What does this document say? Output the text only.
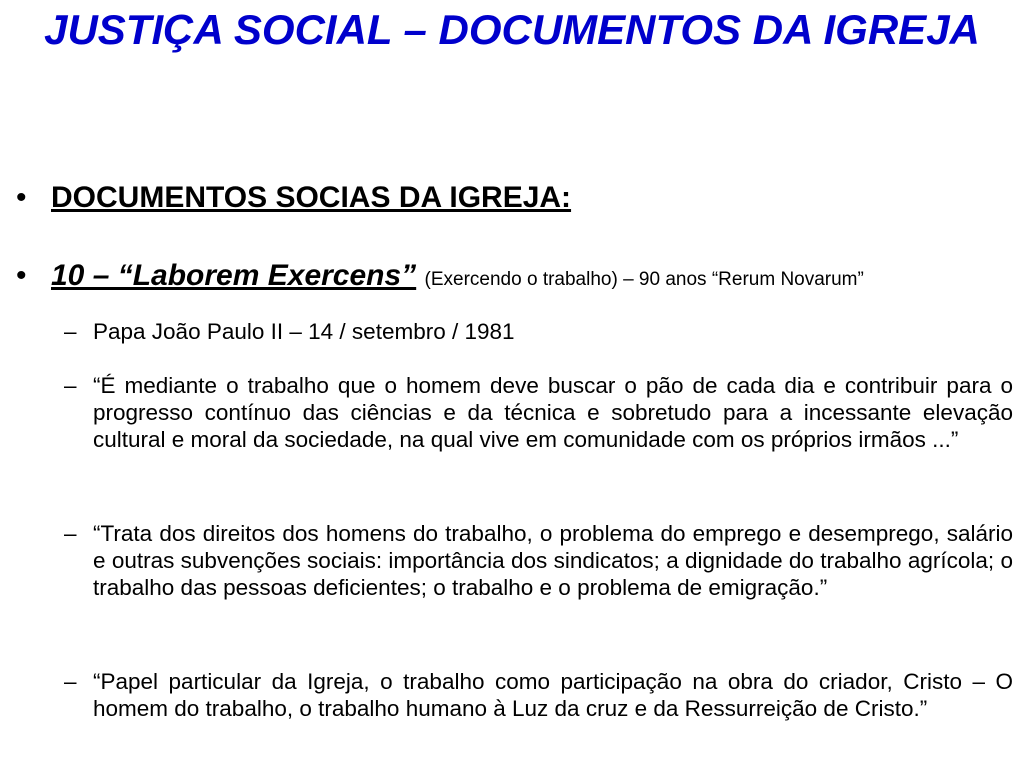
JUSTIÇA SOCIAL – DOCUMENTOS DA IGREJA
• DOCUMENTOS SOCIAS DA IGREJA:
• 10 – “Laborem Exercens” (Exercendo o trabalho) – 90 anos “Rerum Novarum”
– Papa João Paulo II – 14 / setembro / 1981
– “É mediante o trabalho que o homem deve buscar o pão de cada dia e contribuir para o progresso contínuo das ciências e da técnica e sobretudo para a incessante elevação cultural e moral da sociedade, na qual vive em comunidade com os próprios irmãos ...”
– “Trata dos direitos dos homens do trabalho, o problema do emprego e desemprego, salário e outras subvenções sociais: importância dos sindicatos; a dignidade do trabalho agrícola; o trabalho das pessoas deficientes; o trabalho e o problema de emigração.”
– “Papel particular da Igreja, o trabalho como participação na obra do criador, Cristo – O homem do trabalho, o trabalho humano à Luz da cruz e da Ressurreição de Cristo.”
